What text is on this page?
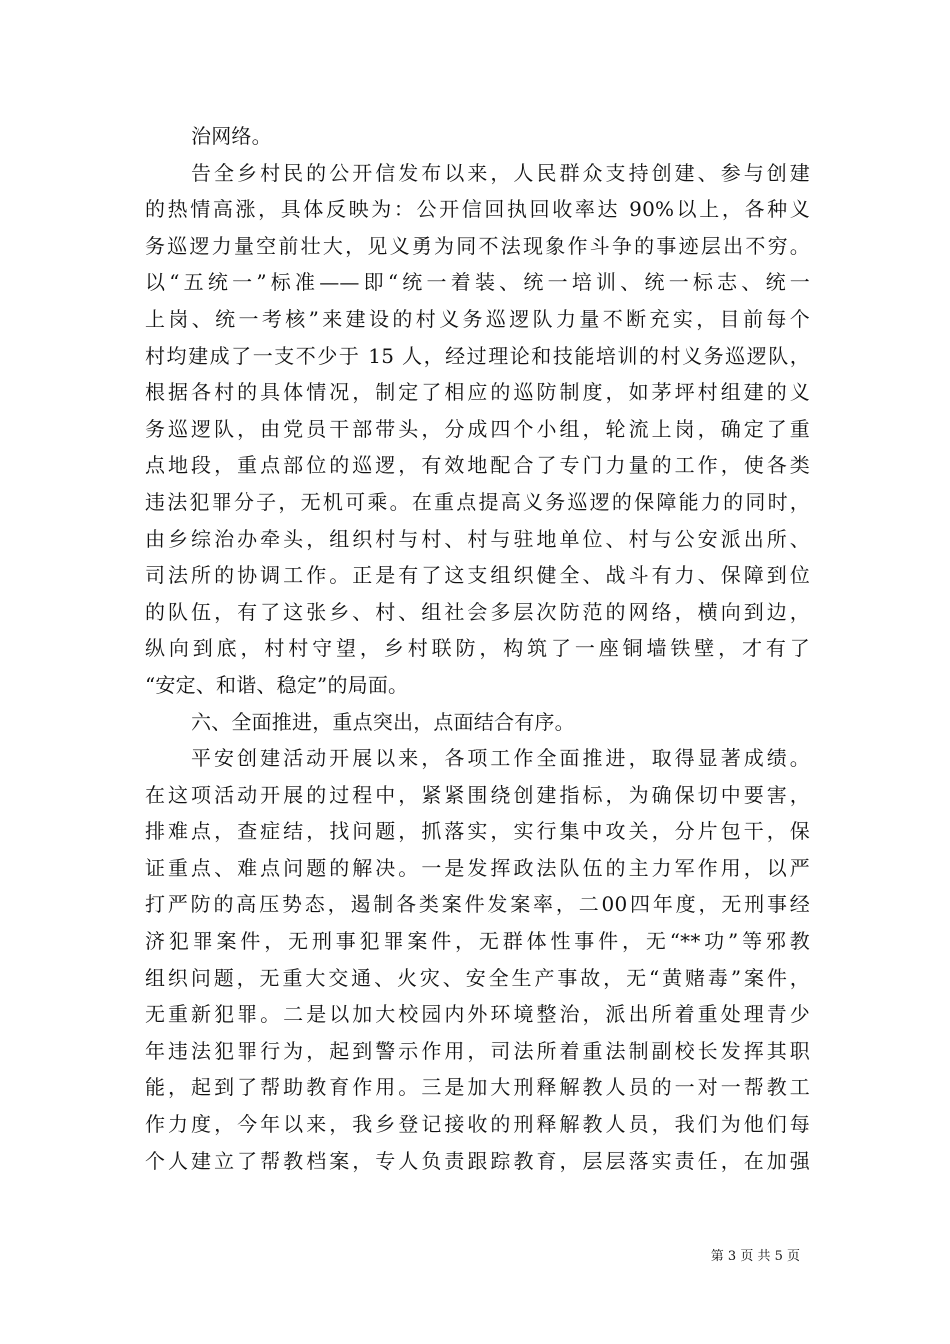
治网络。
告全乡村民的公开信发布以来，人民群众支持创建、参与创建
的热情高涨，具体反映为：公开信回执回收率达 90%以上，各种义
务巡逻力量空前壮大，见义勇为同不法现象作斗争的事迹层出不穷。
以“五统一”标准——即“统一着装、统一培训、统一标志、统一
上岗、统一考核”来建设的村义务巡逻队力量不断充实，目前每个
村均建成了一支不少于 15 人，经过理论和技能培训的村义务巡逻队，
根据各村的具体情况，制定了相应的巡防制度，如茅坪村组建的义
务巡逻队，由党员干部带头，分成四个小组，轮流上岗，确定了重
点地段，重点部位的巡逻，有效地配合了专门力量的工作，使各类
违法犯罪分子，无机可乘。在重点提高义务巡逻的保障能力的同时，
由乡综治办牵头，组织村与村、村与驻地单位、村与公安派出所、
司法所的协调工作。正是有了这支组织健全、战斗有力、保障到位
的队伍，有了这张乡、村、组社会多层次防范的网络，横向到边，
纵向到底，村村守望，乡村联防，构筑了一座铜墙铁壁，才有了
“安定、和谐、稳定”的局面。
六、全面推进，重点突出，点面结合有序。
平安创建活动开展以来，各项工作全面推进，取得显著成绩。
在这项活动开展的过程中，紧紧围绕创建指标，为确保切中要害，
排难点，查症结，找问题，抓落实，实行集中攻关，分片包干，保
证重点、难点问题的解决。一是发挥政法队伍的主力军作用，以严
打严防的高压势态，遏制各类案件发案率，二00四年度，无刑事经
济犯罪案件，无刑事犯罪案件，无群体性事件，无“**功”等邪教
组织问题，无重大交通、火灾、安全生产事故，无“黄赌毒”案件，
无重新犯罪。二是以加大校园内外环境整治，派出所着重处理青少
年违法犯罪行为，起到警示作用，司法所着重法制副校长发挥其职
能，起到了帮助教育作用。三是加大刑释解教人员的一对一帮教工
作力度，今年以来，我乡登记接收的刑释解教人员，我们为他们每
个人建立了帮教档案，专人负责跟踪教育，层层落实责任，在加强
第 3 页 共 5 页
